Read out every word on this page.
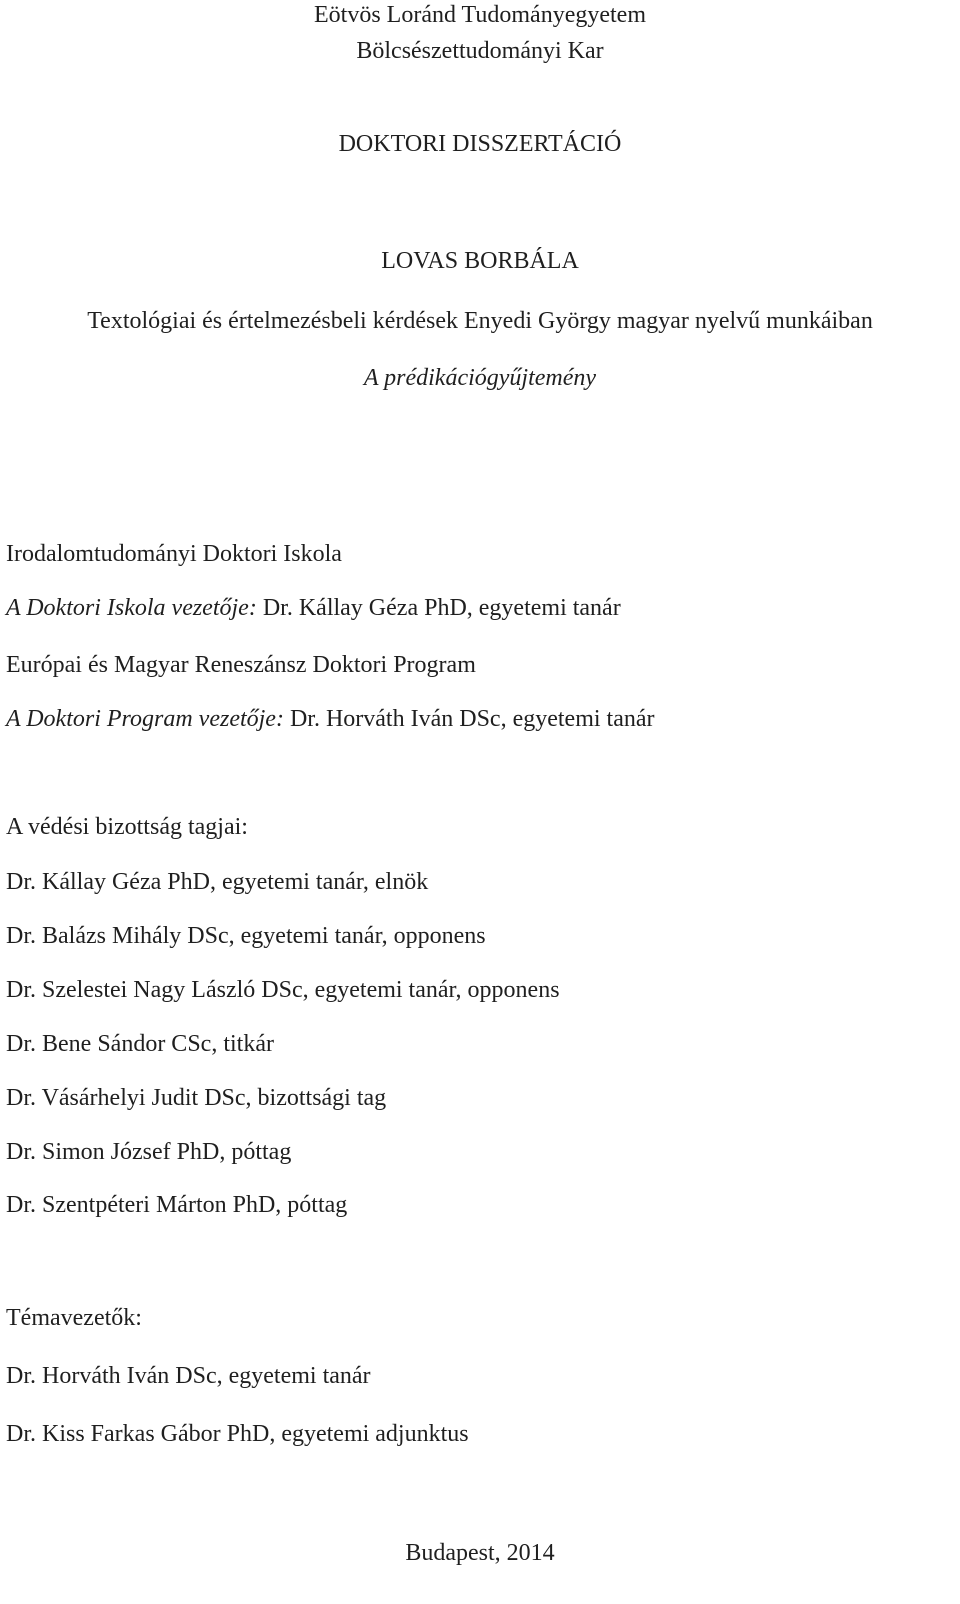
Eötvös Loránd Tudományegyetem

Bölcsészettudományi Kar

DOKTORI DISSZERTÁCIÓ

LOVAS BORBÁLA

Textológiai és értelmezésbeli kérdések Enyedi György magyar nyelvű munkáiban

A prédikációgyűjtemény

Irodalomtudományi Doktori Iskola

A Doktori Iskola vezetője: Dr. Kállay Géza PhD, egyetemi tanár

Európai és Magyar Reneszánsz Doktori Program

A Doktori Program vezetője: Dr. Horváth Iván DSc, egyetemi tanár

A védési bizottság tagjai:

Dr. Kállay Géza PhD, egyetemi tanár, elnök

Dr. Balázs Mihály DSc, egyetemi tanár, opponens

Dr. Szelestei Nagy László DSc, egyetemi tanár, opponens

Dr. Bene Sándor CSc, titkár

Dr. Vásárhelyi Judit DSc, bizottsági tag

Dr. Simon József PhD, póttag

Dr. Szentpéteri Márton PhD, póttag

Témavezetők:

Dr. Horváth Iván DSc, egyetemi tanár

Dr. Kiss Farkas Gábor PhD, egyetemi adjunktus

Budapest, 2014
